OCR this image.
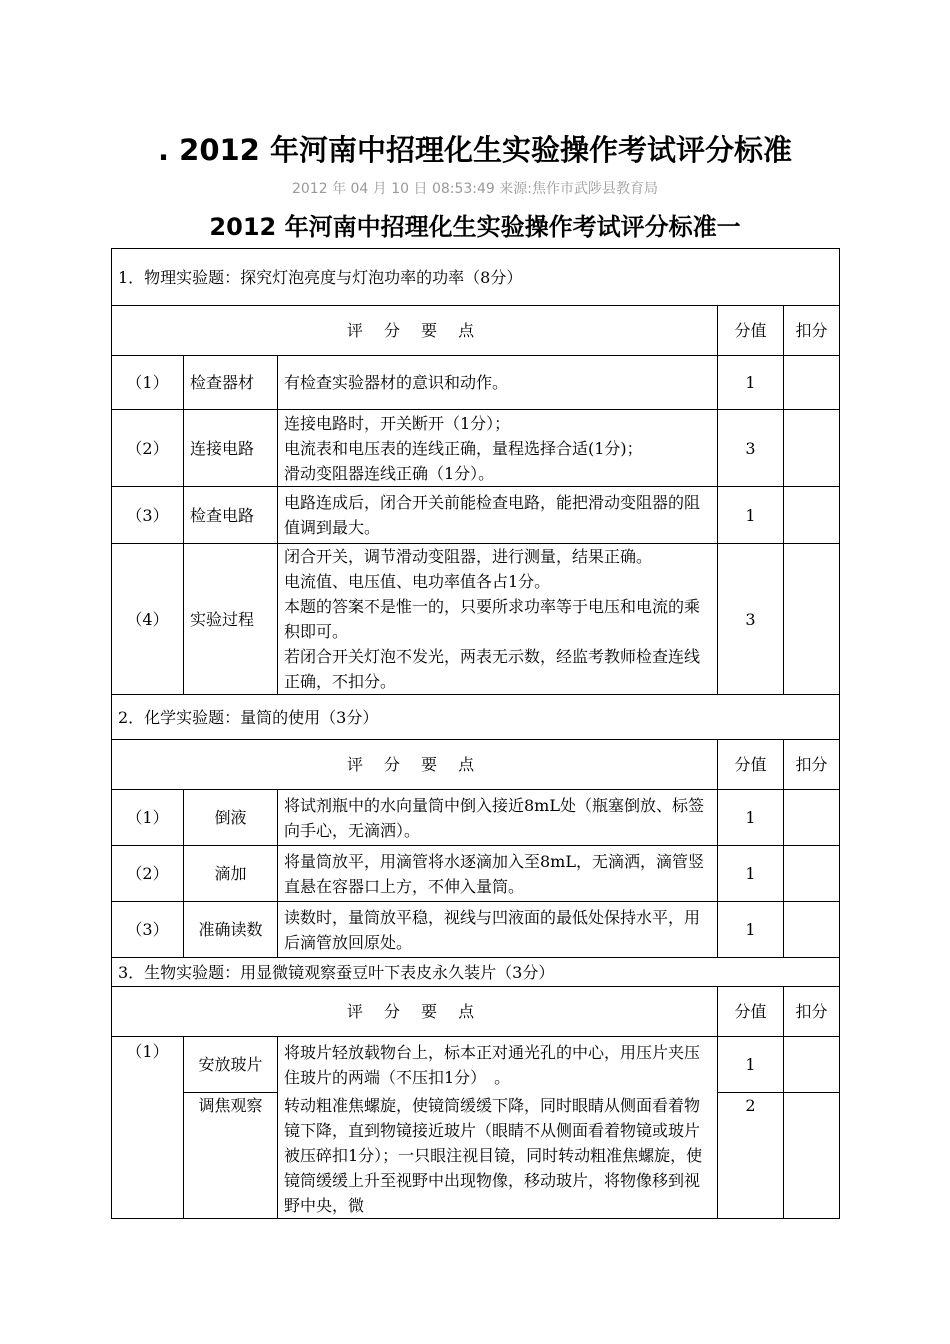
. 2012 年河南中招理化生实验操作考试评分标准
2012 年 04 月 10 日 08:53:49 来源:焦作市武陟县教育局
2012 年河南中招理化生实验操作考试评分标准一
1．物理实验题：探究灯泡亮度与灯泡功率的功率（8分）				
评 分 要 点			分值	扣分
（1）	检查器材	有检查实验器材的意识和动作。	1	
（2）	连接电路	连接电路时，开关断开（1分）；
电流表和电压表的连线正确，量程选择合适(1分)；
滑动变阻器连线正确（1分）。	3	
（3）	检查电路	电路连成后，闭合开关前能检查电路，能把滑动变阻器的阻值调到最大。	1	
（4）	实验过程	闭合开关，调节滑动变阻器，进行测量，结果正确。
电流值、电压值、电功率值各占1分。
本题的答案不是惟一的，只要所求功率等于电压和电流的乘积即可。
若闭合开关灯泡不发光，两表无示数，经监考教师检查连线正确，不扣分。	3	
2．化学实验题：量筒的使用（3分）				
评 分 要 点			分值	扣分
（1）	倒液	将试剂瓶中的水向量筒中倒入接近8mL处（瓶塞倒放、标签向手心，无滴洒）。	1	
（2）	滴加	将量筒放平，用滴管将水逐滴加入至8mL，无滴洒，滴管竖直悬在容器口上方，不伸入量筒。	1	
（3）	准确读数	读数时，量筒放平稳，视线与凹液面的最低处保持水平，用后滴管放回原处。	1	
3．生物实验题：用显微镜观察蚕豆叶下表皮永久装片（3分）				
评 分 要 点			分值	扣分
（1）	安放玻片	将玻片轻放载物台上，标本正对通光孔的中心，用压片夹压住玻片的两端（不压扣1分）　。	1	
	调焦观察	转动粗准焦螺旋，使镜筒缓缓下降，同时眼睛从侧面看着物镜下降，直到物镜接近玻片（眼睛不从侧面看着物镜或玻片被压碎扣1分）；一只眼注视目镜，同时转动粗准焦螺旋，使镜筒缓缓上升至视野中出现物像，移动玻片，将物像移到视野中央，微	2	
